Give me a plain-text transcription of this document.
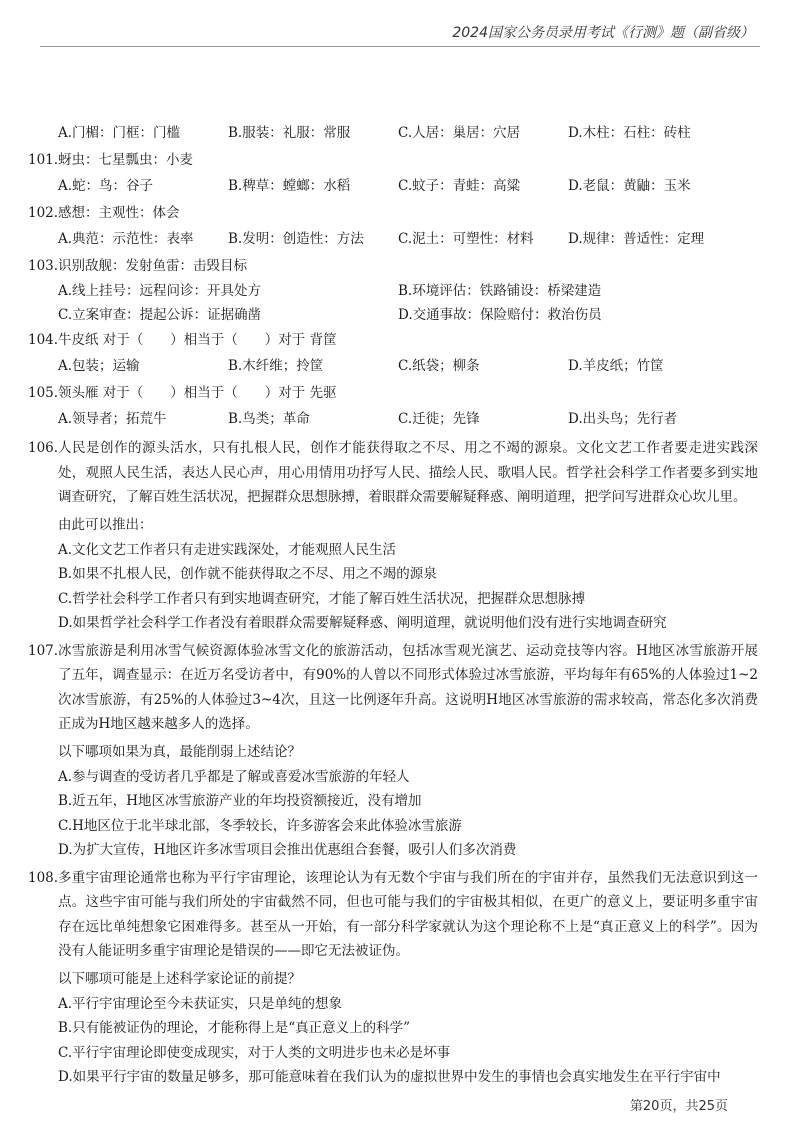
2024国家公务员录用考试《行测》题（副省级）
A.门楣：门框：门槛	B.服装：礼服：常服	C.人居：巢居：穴居	D.木柱：石柱：砖柱
101. 蚜虫：七星瓢虫：小麦
A.蛇：鸟：谷子	B.稗草：螳螂：水稻	C.蚊子：青蛙：高粱	D.老鼠：黄鼬：玉米
102. 感想：主观性：体会
A.典范：示范性：表率	B.发明：创造性：方法	C.泥土：可塑性：材料	D.规律：普适性：定理
103. 识别敌舰：发射鱼雷：击毁目标
A.线上挂号：远程问诊：开具处方	B.环境评估：铁路铺设：桥梁建造
C.立案审查：提起公诉：证据确凿	D.交通事故：保险赔付：救治伤员
104. 牛皮纸 对于（　　）相当于（　　）对于 背筐
A.包装；运输	B.木纤维；拎筐	C.纸袋；柳条	D.羊皮纸；竹筐
105. 领头雁 对于（　　）相当于（　　）对于 先驱
A.领导者；拓荒牛	B.鸟类；革命	C.迁徙；先锋	D.出头鸟；先行者
106. 人民是创作的源头活水，只有扎根人民，创作才能获得取之不尽、用之不竭的源泉。文化文艺工作者要走进实践深处，观照人民生活，表达人民心声，用心用情用功抒写人民、描绘人民、歌唱人民。哲学社会科学工作者要多到实地调查研究，了解百姓生活状况，把握群众思想脉搏，着眼群众需要解疑释惑、阐明道理，把学问写进群众心坎儿里。
由此可以推出：
A.文化文艺工作者只有走进实践深处，才能观照人民生活
B.如果不扎根人民，创作就不能获得取之不尽、用之不竭的源泉
C.哲学社会科学工作者只有到实地调查研究，才能了解百姓生活状况，把握群众思想脉搏
D.如果哲学社会科学工作者没有着眼群众需要解疑释惑、阐明道理，就说明他们没有进行实地调查研究
107. 冰雪旅游是利用冰雪气候资源体验冰雪文化的旅游活动，包括冰雪观光演艺、运动竞技等内容。H地区冰雪旅游开展了五年，调查显示：在近万名受访者中，有90%的人曾以不同形式体验过冰雪旅游，平均每年有65%的人体验过1~2次冰雪旅游，有25%的人体验过3~4次，且这一比例逐年升高。这说明H地区冰雪旅游的需求较高，常态化多次消费正成为H地区越来越多人的选择。
以下哪项如果为真，最能削弱上述结论？
A.参与调查的受访者几乎都是了解或喜爱冰雪旅游的年轻人
B.近五年，H地区冰雪旅游产业的年均投资额接近，没有增加
C.H地区位于北半球北部，冬季较长，许多游客会来此体验冰雪旅游
D.为扩大宣传，H地区许多冰雪项目会推出优惠组合套餐，吸引人们多次消费
108. 多重宇宙理论通常也称为平行宇宙理论，该理论认为有无数个宇宙与我们所在的宇宙并存，虽然我们无法意识到这一点。这些宇宙可能与我们所处的宇宙截然不同，但也可能与我们的宇宙极其相似，在更广的意义上，要证明多重宇宙存在远比单纯想象它困难得多。甚至从一开始，有一部分科学家就认为这个理论称不上是“真正意义上的科学”。因为没有人能证明多重宇宙理论是错误的——即它无法被证伪。
以下哪项可能是上述科学家论证的前提？
A.平行宇宙理论至今未获证实，只是单纯的想象
B.只有能被证伪的理论，才能称得上是“真正意义上的科学”
C.平行宇宙理论即使变成现实，对于人类的文明进步也未必是坏事
D.如果平行宇宙的数量足够多，那可能意味着在我们认为的虚拟世界中发生的事情也会真实地发生在平行宇宙中
第20页，共25页
